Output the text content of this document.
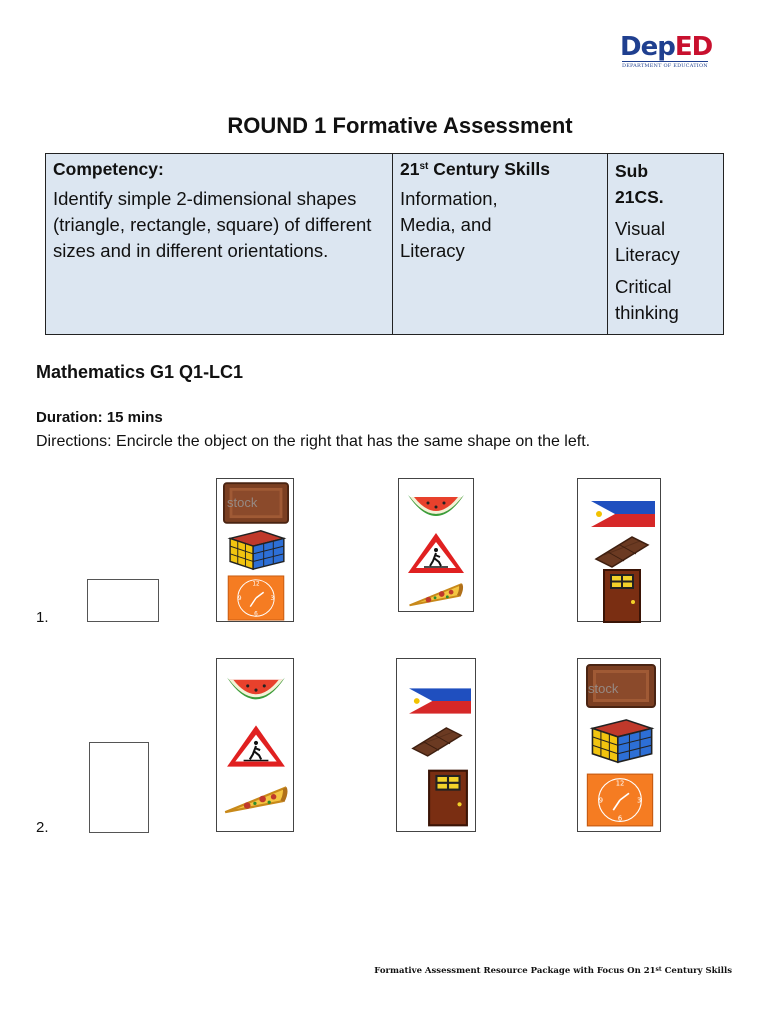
DepED
DEPARTMENT OF EDUCATION
ROUND 1 Formative Assessment
Competency:

Identify simple 2-dimensional shapes (triangle, rectangle, square) of different sizes and in different orientations.

21st Century Skills

Information, Media, and Literacy

Sub 21CS.

Visual Literacy

Critical thinking

Mathematics G1 Q1-LC1
Duration: 15 mins
Directions: Encircle the object on the right that has the same shape on the left.
1.
stock
2.
stock
Formative Assessment Resource Package with Focus On 21st Century Skills
